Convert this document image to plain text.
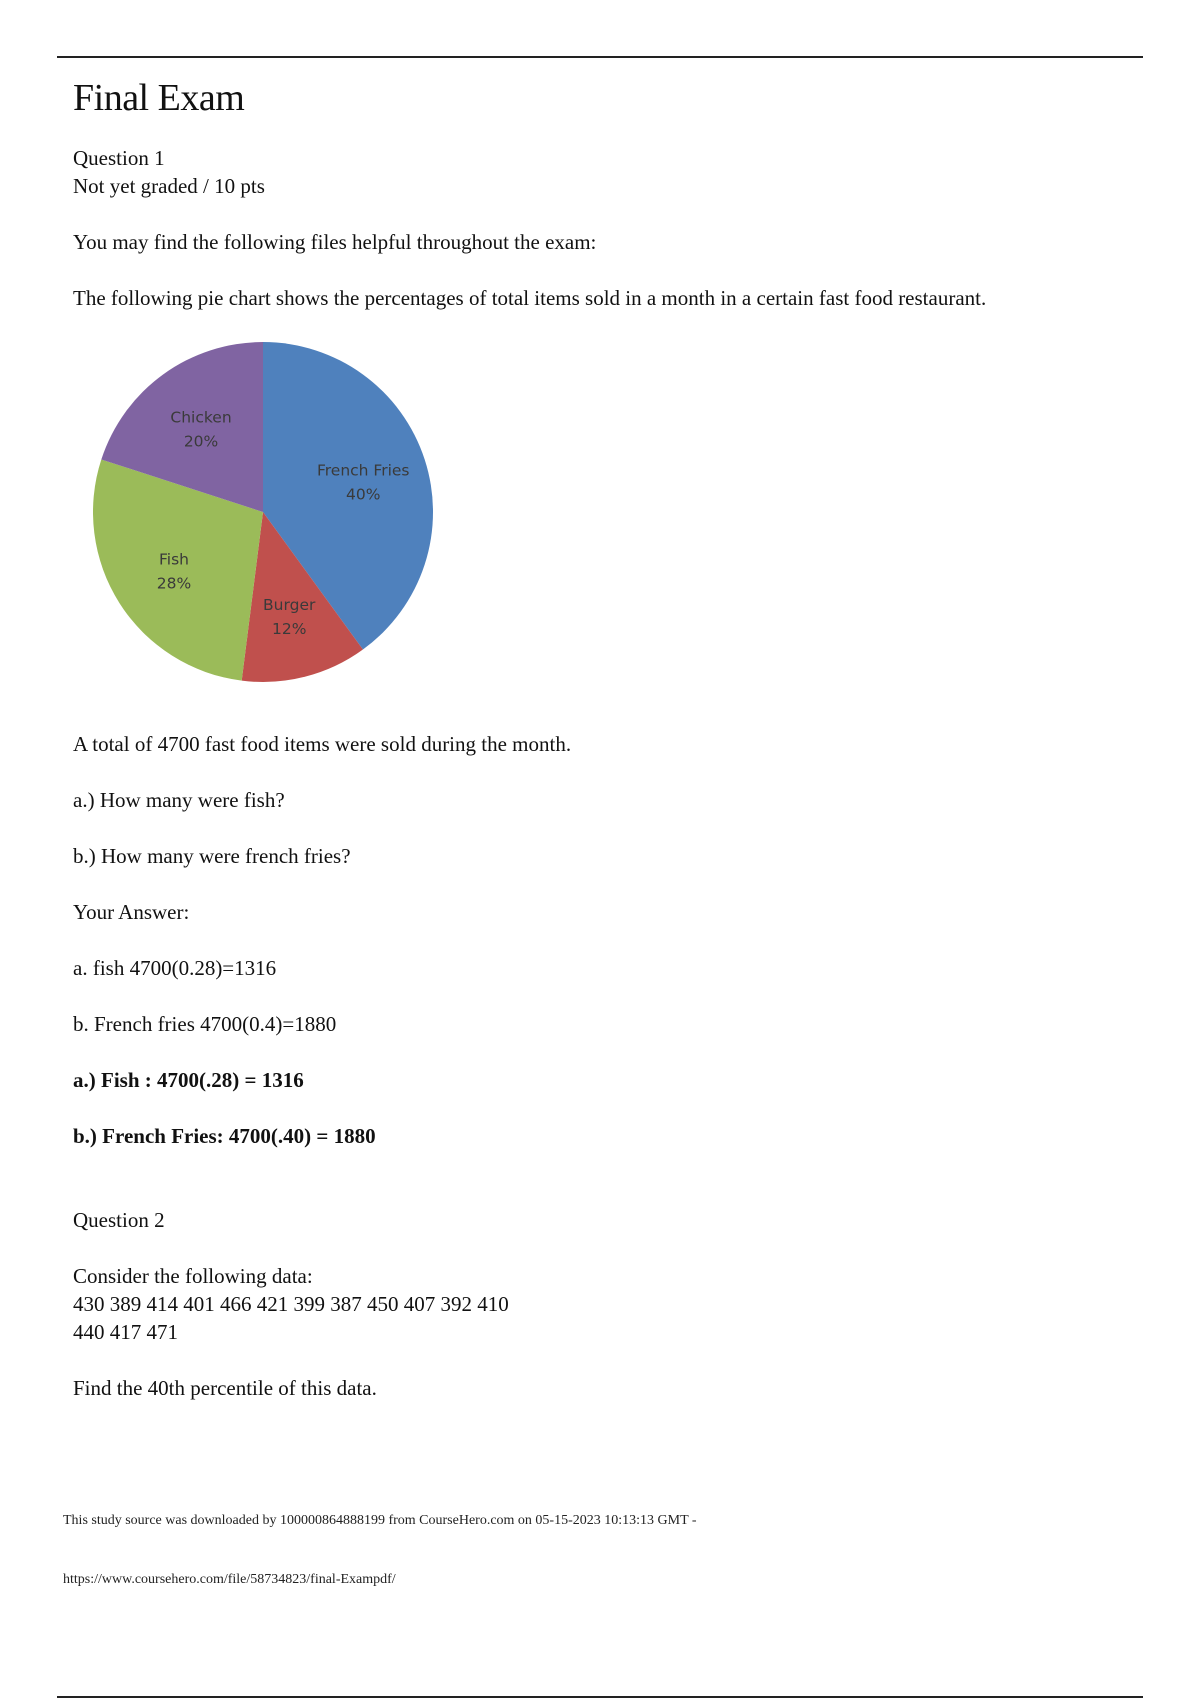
Final Exam

Question 1

Not yet graded / 10 pts

You may find the following files helpful throughout the exam:

The following pie chart shows the percentages of total items sold in a month in a certain fast food restaurant.

French Fries
40%
Burger
12%
Fish
28%
Chicken
20%

A total of 4700 fast food items were sold during the month.

a.) How many were fish?

b.) How many were french fries?

Your Answer:

a. fish 4700(0.28)=1316

b. French fries 4700(0.4)=1880

a.) Fish : 4700(.28) = 1316

b.) French Fries: 4700(.40) = 1880

Question 2

Consider the following data:

430 389 414 401 466 421 399 387 450 407 392 410

440 417 471

Find the 40th percentile of this data.

This study source was downloaded by 100000864888199 from CourseHero.com on 05-15-2023 10:13:13 GMT -
https://www.coursehero.com/file/58734823/final-Exampdf/
